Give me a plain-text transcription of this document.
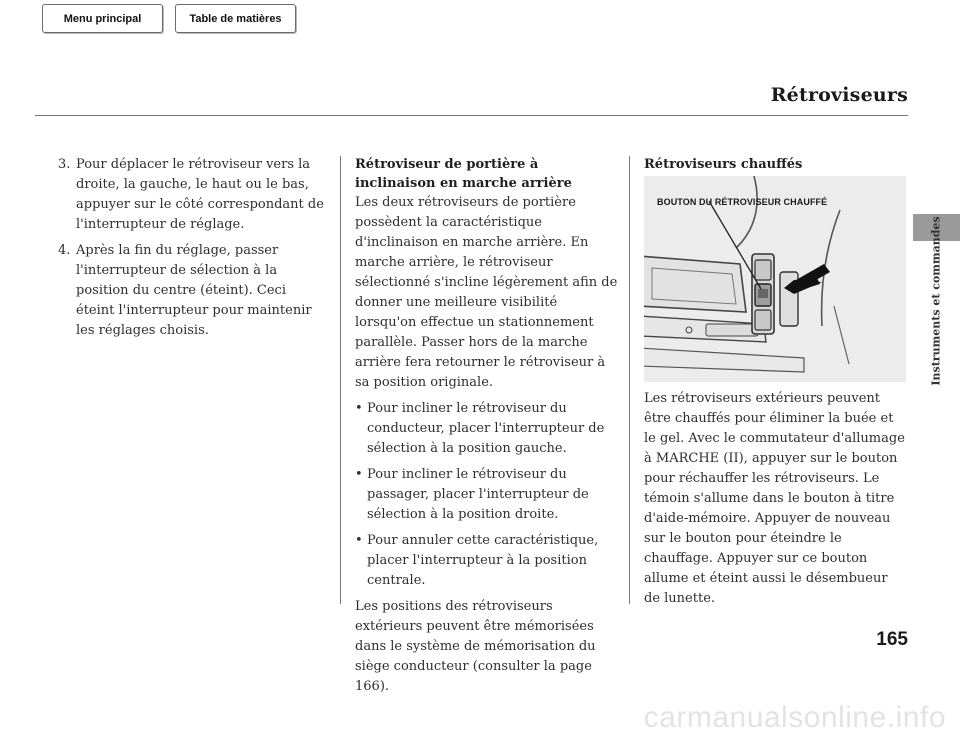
Menu principal	Table de matières
Rétroviseurs
Instruments et commandes
3. Pour déplacer le rétroviseur vers la droite, la gauche, le haut ou le bas, appuyer sur le côté correspondant de l'interrupteur de réglage.
4. Après la fin du réglage, passer l'interrupteur de sélection à la position du centre (éteint). Ceci éteint l'interrupteur pour maintenir les réglages choisis.
Rétroviseur de portière à inclinaison en marche arrière

Les deux rétroviseurs de portière possèdent la caractéristique d'inclinaison en marche arrière. En marche arrière, le rétroviseur sélectionné s'incline légèrement afin de donner une meilleure visibilité lorsqu'on effectue un stationnement parallèle. Passer hors de la marche arrière fera retourner le rétroviseur à sa position originale.

• Pour incliner le rétroviseur du conducteur, placer l'interrupteur de sélection à la position gauche.
• Pour incliner le rétroviseur du passager, placer l'interrupteur de sélection à la position droite.
• Pour annuler cette caractéristique, placer l'interrupteur à la position centrale.

Les positions des rétroviseurs extérieurs peuvent être mémorisées dans le système de mémorisation du siège conducteur (consulter la page 166).

Rétroviseurs chauffés
BOUTON DU RÉTROVISEUR CHAUFFÉ

Les rétroviseurs extérieurs peuvent être chauffés pour éliminer la buée et le gel. Avec le commutateur d'allumage à MARCHE (II), appuyer sur le bouton pour réchauffer les rétroviseurs. Le témoin s'allume dans le bouton à titre d'aide-mémoire. Appuyer de nouveau sur le bouton pour éteindre le chauffage. Appuyer sur ce bouton allume et éteint aussi le désembueur de lunette.

165
carmanualsonline.info
